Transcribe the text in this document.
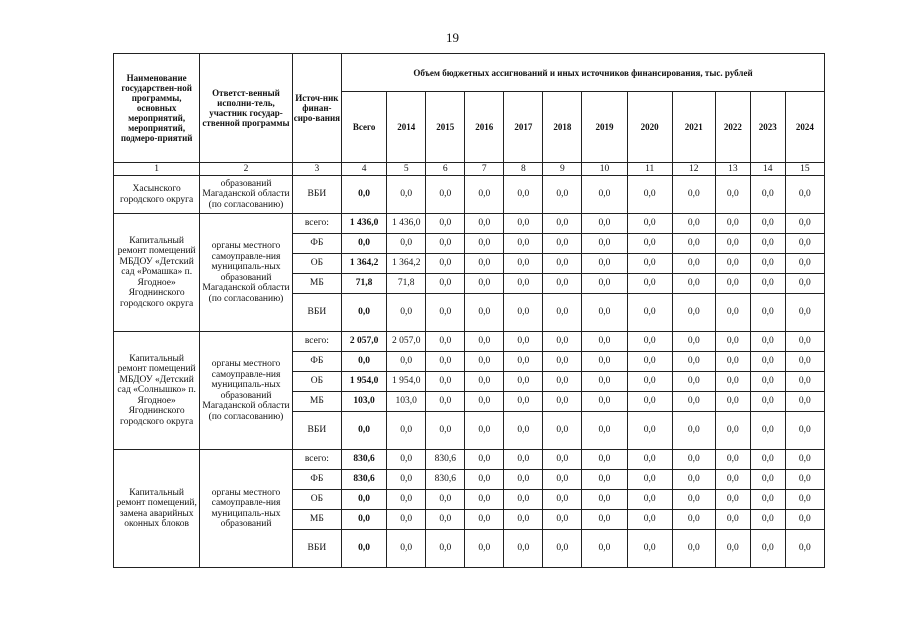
19
Наименование государствен-ной программы, основных мероприятий, мероприятий, подмеро-приятий	Ответст-венный исполни-тель, участник государ-ственной программы	Источ-ник финан-сиро-вания	Объем бюджетных ассигнований и иных источников финансирования, тыс. рублей											
			Всего	2014	2015	2016	2017	2018	2019	2020	2021	2022	2023	2024
1	2	3	4	5	6	7	8	9	10	11	12	13	14	15
Хасынского городского округа	образований Магаданской области (по согласованию)	ВБИ	0,0	0,0	0,0	0,0	0,0	0,0	0,0	0,0	0,0	0,0	0,0	0,0
Капитальный ремонт помещений МБДОУ «Детский сад «Ромашка» п. Ягодное» Ягоднинского городского округа	органы местного самоуправле-ния муниципаль-ных образований Магаданской области (по согласованию)	всего:	1 436,0	1 436,0	0,0	0,0	0,0	0,0	0,0	0,0	0,0	0,0	0,0	0,0
		ФБ	0,0	0,0	0,0	0,0	0,0	0,0	0,0	0,0	0,0	0,0	0,0	0,0
		ОБ	1 364,2	1 364,2	0,0	0,0	0,0	0,0	0,0	0,0	0,0	0,0	0,0	0,0
		МБ	71,8	71,8	0,0	0,0	0,0	0,0	0,0	0,0	0,0	0,0	0,0	0,0
		ВБИ	0,0	0,0	0,0	0,0	0,0	0,0	0,0	0,0	0,0	0,0	0,0	0,0
Капитальный ремонт помещений МБДОУ «Детский сад «Солнышко» п. Ягодное» Ягоднинского городского округа	органы местного самоуправле-ния муниципаль-ных образований Магаданской области (по согласованию)	всего:	2 057,0	2 057,0	0,0	0,0	0,0	0,0	0,0	0,0	0,0	0,0	0,0	0,0
		ФБ	0,0	0,0	0,0	0,0	0,0	0,0	0,0	0,0	0,0	0,0	0,0	0,0
		ОБ	1 954,0	1 954,0	0,0	0,0	0,0	0,0	0,0	0,0	0,0	0,0	0,0	0,0
		МБ	103,0	103,0	0,0	0,0	0,0	0,0	0,0	0,0	0,0	0,0	0,0	0,0
		ВБИ	0,0	0,0	0,0	0,0	0,0	0,0	0,0	0,0	0,0	0,0	0,0	0,0
Капитальный ремонт помещений, замена аварийных оконных блоков	органы местного самоуправле-ния муниципаль-ных образований	всего:	830,6	0,0	830,6	0,0	0,0	0,0	0,0	0,0	0,0	0,0	0,0	0,0
		ФБ	830,6	0,0	830,6	0,0	0,0	0,0	0,0	0,0	0,0	0,0	0,0	0,0
		ОБ	0,0	0,0	0,0	0,0	0,0	0,0	0,0	0,0	0,0	0,0	0,0	0,0
		МБ	0,0	0,0	0,0	0,0	0,0	0,0	0,0	0,0	0,0	0,0	0,0	0,0
		ВБИ	0,0	0,0	0,0	0,0	0,0	0,0	0,0	0,0	0,0	0,0	0,0	0,0
